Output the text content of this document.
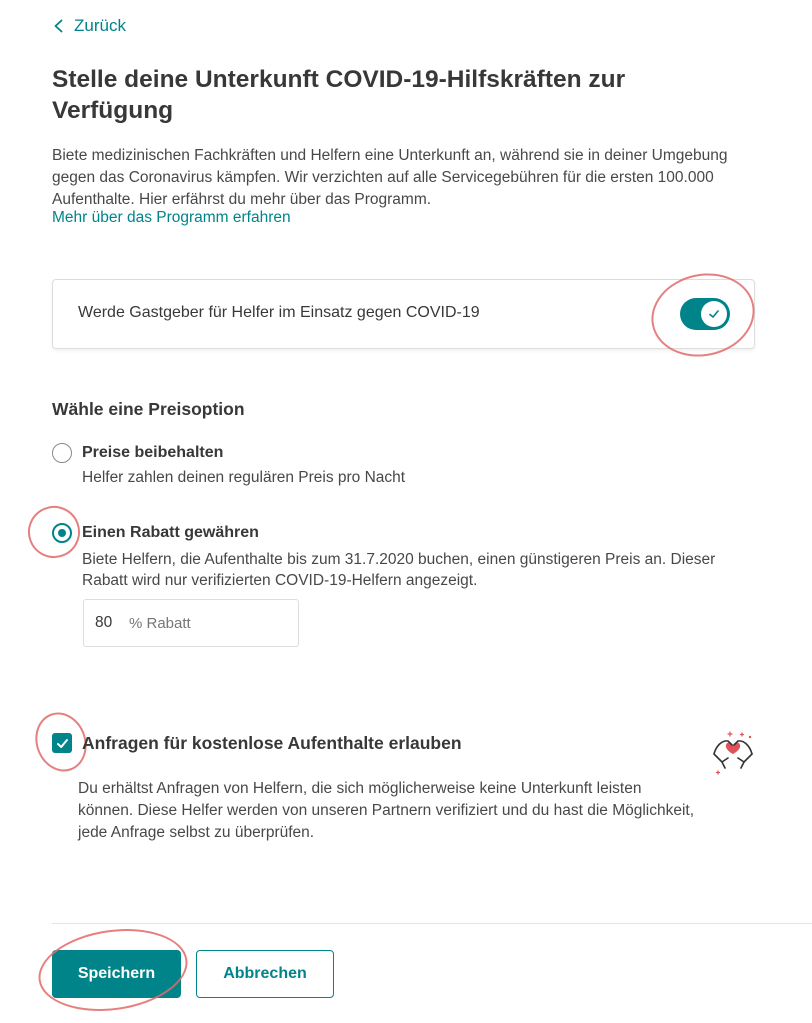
Zurück
Stelle deine Unterkunft COVID-19-Hilfskräften zur Verfügung

Biete medizinischen Fachkräften und Helfern eine Unterkunft an, während sie in deiner Umgebung gegen das Coronavirus kämpfen. Wir verzichten auf alle Servicegebühren für die ersten 100.000 Aufenthalte. Hier erfährst du mehr über das Programm.

Mehr über das Programm erfahren
Werde Gastgeber für Helfer im Einsatz gegen COVID-19
Wähle eine Preisoption
Preise beibehalten
Helfer zahlen deinen regulären Preis pro Nacht
Einen Rabatt gewähren
Biete Helfern, die Aufenthalte bis zum 31.7.2020 buchen, einen günstigeren Preis an. Dieser Rabatt wird nur verifizierten COVID-19-Helfern angezeigt.
80
% Rabatt
Anfragen für kostenlose Aufenthalte erlauben

Du erhältst Anfragen von Helfern, die sich möglicherweise keine Unterkunft leisten können. Diese Helfer werden von unseren Partnern verifiziert und du hast die Möglichkeit, jede Anfrage selbst zu überprüfen.

Speichern	Abbrechen
